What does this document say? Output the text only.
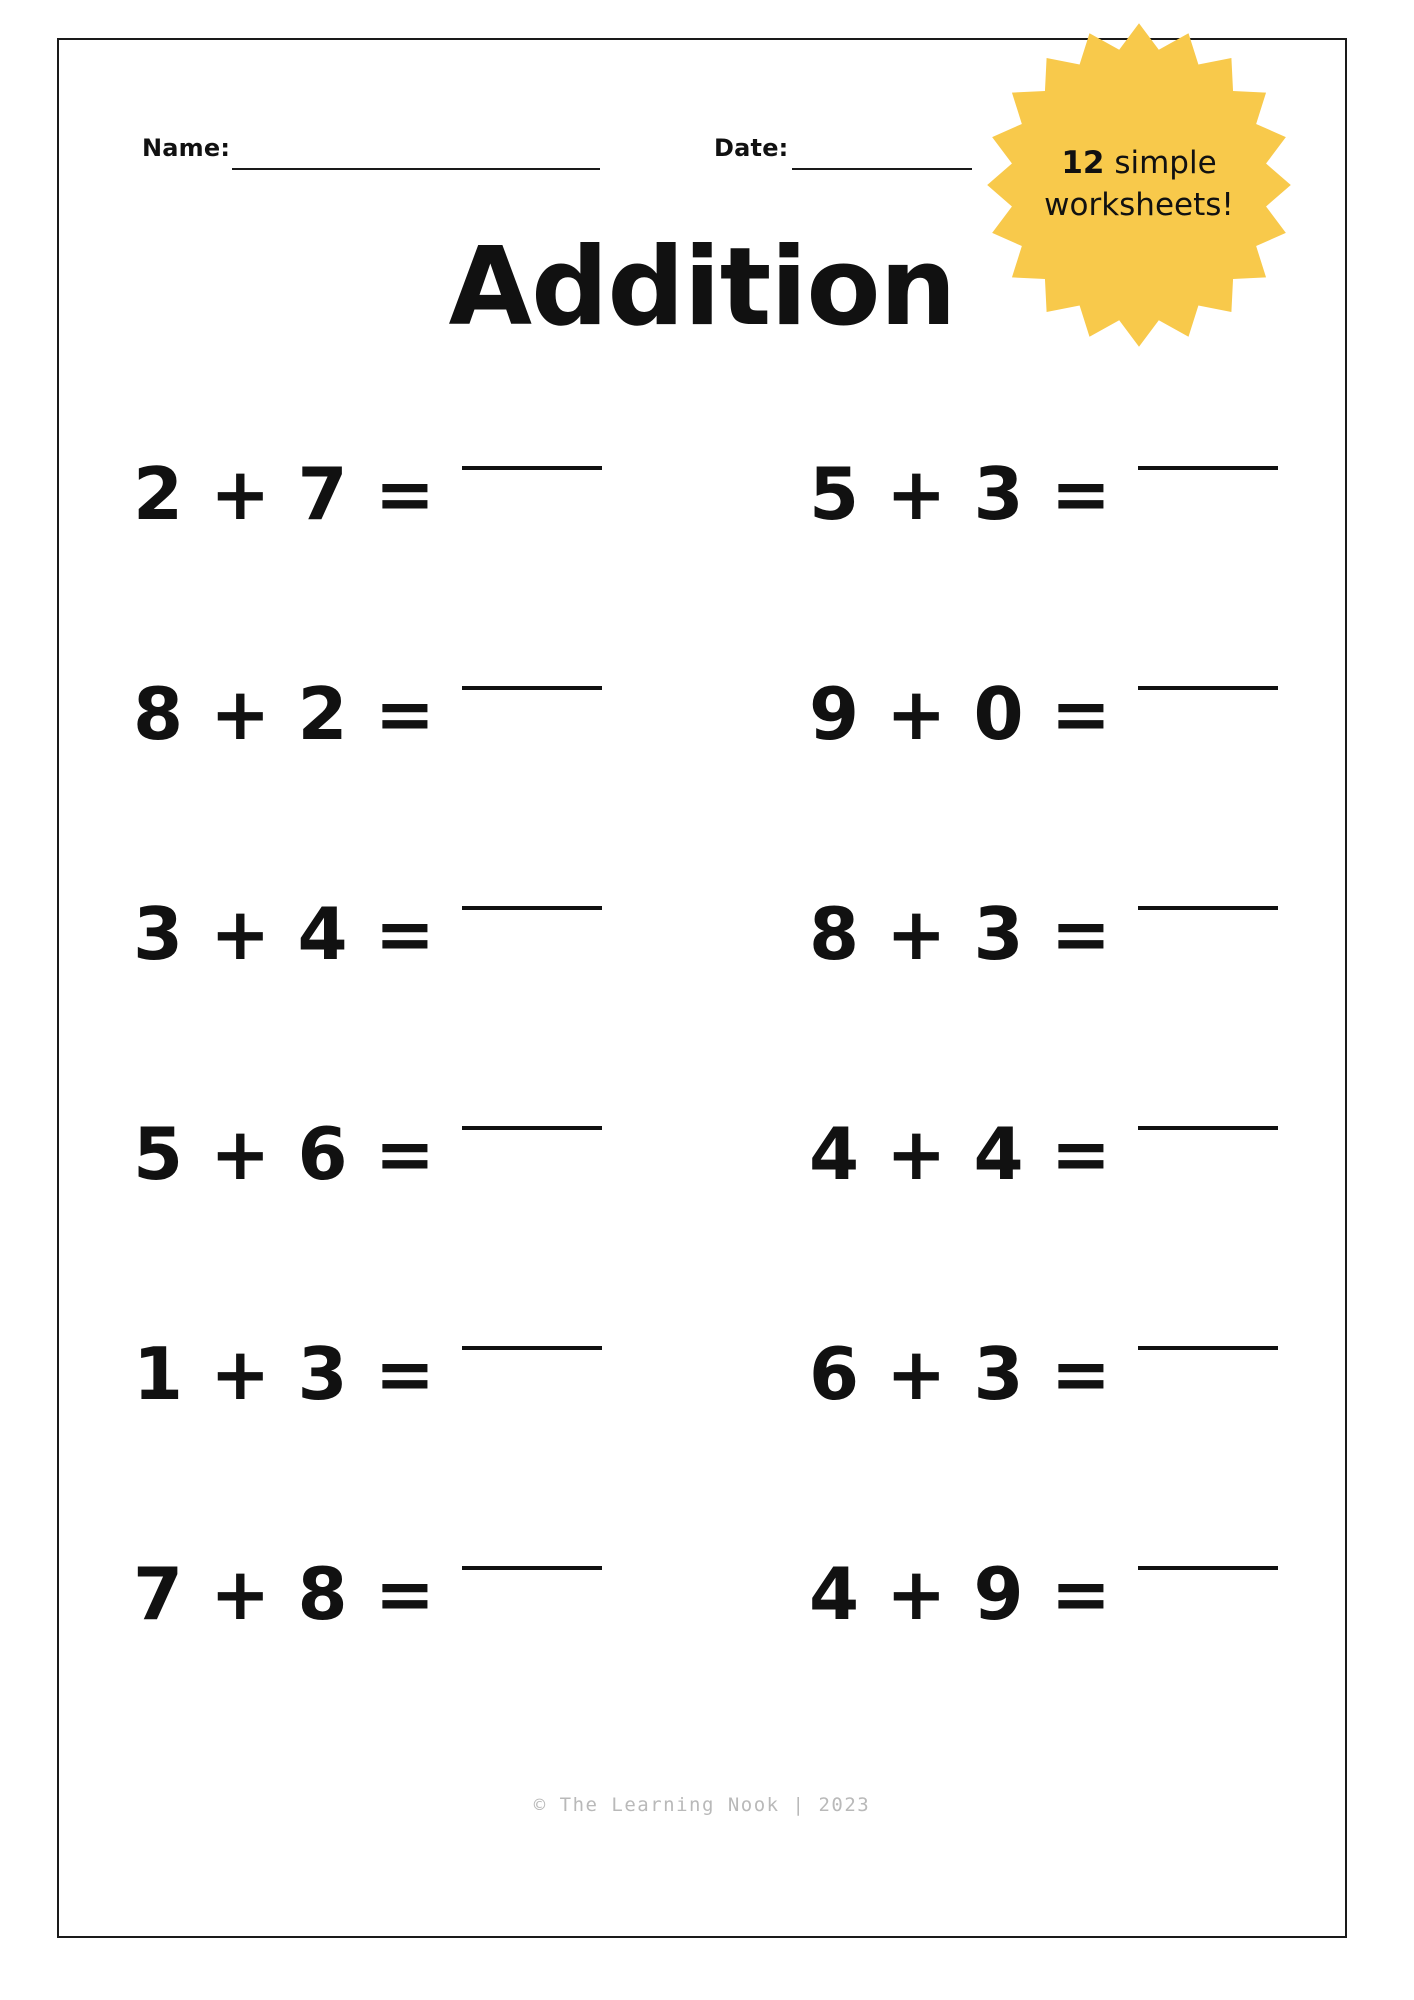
Name:	Date:
Addition
12 simple
worksheets!
2 + 7 =	5 + 3 =
8 + 2 =	9 + 0 =
3 + 4 =	8 + 3 =
5 + 6 =	4 + 4 =
1 + 3 =	6 + 3 =
7 + 8 =	4 + 9 =
© The Learning Nook | 2023
